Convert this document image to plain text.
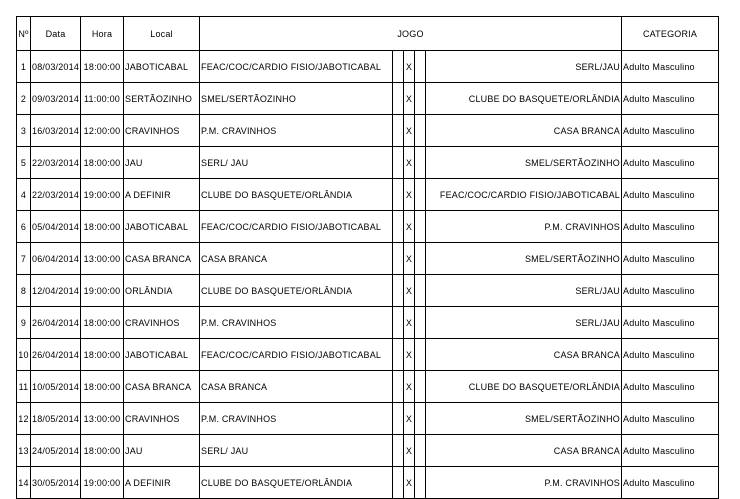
Nº	Data	Hora	Local	JOGO					CATEGORIA
1	08/03/2014	18:00:00	JABOTICABAL	FEAC/COC/CARDIO FISIO/JABOTICABAL		X		SERL/JAU	Adulto Masculino
2	09/03/2014	11:00:00	SERTÃOZINHO	SMEL/SERTÃOZINHO		X		CLUBE DO BASQUETE/ORLÂNDIA	Adulto Masculino
3	16/03/2014	12:00:00	CRAVINHOS	P.M. CRAVINHOS		X		CASA BRANCA	Adulto Masculino
5	22/03/2014	18:00:00	JAU	SERL/ JAU		X		SMEL/SERTÃOZINHO	Adulto Masculino
4	22/03/2014	19:00:00	A DEFINIR	CLUBE DO BASQUETE/ORLÂNDIA		X		FEAC/COC/CARDIO FISIO/JABOTICABAL	Adulto Masculino
6	05/04/2014	18:00:00	JABOTICABAL	FEAC/COC/CARDIO FISIO/JABOTICABAL		X		P.M. CRAVINHOS	Adulto Masculino
7	06/04/2014	13:00:00	CASA BRANCA	CASA BRANCA		X		SMEL/SERTÃOZINHO	Adulto Masculino
8	12/04/2014	19:00:00	ORLÂNDIA	CLUBE DO BASQUETE/ORLÂNDIA		X		SERL/JAU	Adulto Masculino
9	26/04/2014	18:00:00	CRAVINHOS	P.M. CRAVINHOS		X		SERL/JAU	Adulto Masculino
10	26/04/2014	18:00:00	JABOTICABAL	FEAC/COC/CARDIO FISIO/JABOTICABAL		X		CASA BRANCA	Adulto Masculino
11	10/05/2014	18:00:00	CASA BRANCA	CASA BRANCA		X		CLUBE DO BASQUETE/ORLÂNDIA	Adulto Masculino
12	18/05/2014	13:00:00	CRAVINHOS	P.M. CRAVINHOS		X		SMEL/SERTÃOZINHO	Adulto Masculino
13	24/05/2014	18:00:00	JAU	SERL/ JAU		X		CASA BRANCA	Adulto Masculino
14	30/05/2014	19:00:00	A DEFINIR	CLUBE DO BASQUETE/ORLÂNDIA		X		P.M. CRAVINHOS	Adulto Masculino
